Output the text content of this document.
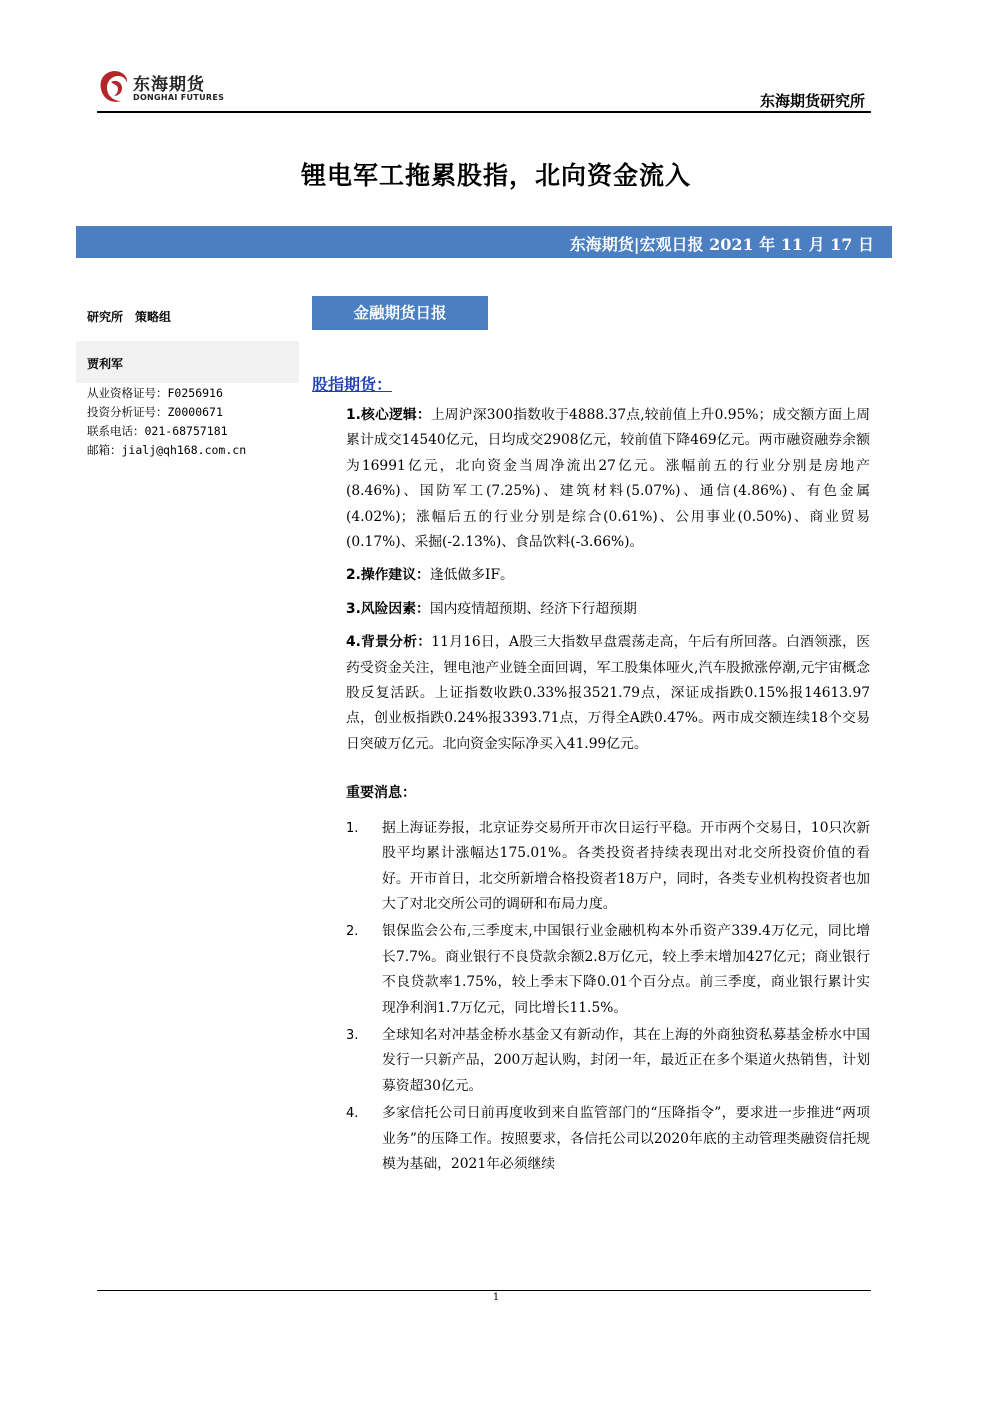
东海期货
DONGHAI FUTURES	东海期货研究所
锂电军工拖累股指，北向资金流入
东海期货|宏观日报 2021 年 11 月 17 日
研究所　策略组
贾利军
从业资格证号：F0256916
投资分析证号：Z0000671
联系电话：021-68757181
邮箱：jialj@qh168.com.cn
金融期货日报
股指期货：

1.核心逻辑：上周沪深300指数收于4888.37点,较前值上升0.95%；成交额方面上周累计成交14540亿元，日均成交2908亿元，较前值下降469亿元。两市融资融券余额为16991亿元，北向资金当周净流出27亿元。涨幅前五的行业分别是房地产(8.46%)、国防军工(7.25%)、建筑材料(5.07%)、通信(4.86%)、有色金属(4.02%)；涨幅后五的行业分别是综合(0.61%)、公用事业(0.50%)、商业贸易(0.17%)、采掘(-2.13%)、食品饮料(-3.66%)。

2.操作建议：逢低做多IF。

3.风险因素：国内疫情超预期、经济下行超预期

4.背景分析：11月16日，A股三大指数早盘震荡走高，午后有所回落。白酒领涨，医药受资金关注，锂电池产业链全面回调，军工股集体哑火,汽车股掀涨停潮,元宇宙概念股反复活跃。上证指数收跌0.33%报3521.79点，深证成指跌0.15%报14613.97点，创业板指跌0.24%报3393.71点，万得全A跌0.47%。两市成交额连续18个交易日突破万亿元。北向资金实际净买入41.99亿元。

重要消息：
1. 据上海证券报，北京证券交易所开市次日运行平稳。开市两个交易日，10只次新股平均累计涨幅达175.01%。各类投资者持续表现出对北交所投资价值的看好。开市首日，北交所新增合格投资者18万户，同时，各类专业机构投资者也加大了对北交所公司的调研和布局力度。
2. 银保监会公布,三季度末,中国银行业金融机构本外币资产339.4万亿元，同比增长7.7%。商业银行不良贷款余额2.8万亿元，较上季末增加427亿元；商业银行不良贷款率1.75%，较上季末下降0.01个百分点。前三季度，商业银行累计实现净利润1.7万亿元，同比增长11.5%。
3. 全球知名对冲基金桥水基金又有新动作，其在上海的外商独资私募基金桥水中国发行一只新产品，200万起认购，封闭一年，最近正在多个渠道火热销售，计划募资超30亿元。
4. 多家信托公司日前再度收到来自监管部门的“压降指令”，要求进一步推进“两项业务”的压降工作。按照要求，各信托公司以2020年底的主动管理类融资信托规模为基础，2021年必须继续
1
